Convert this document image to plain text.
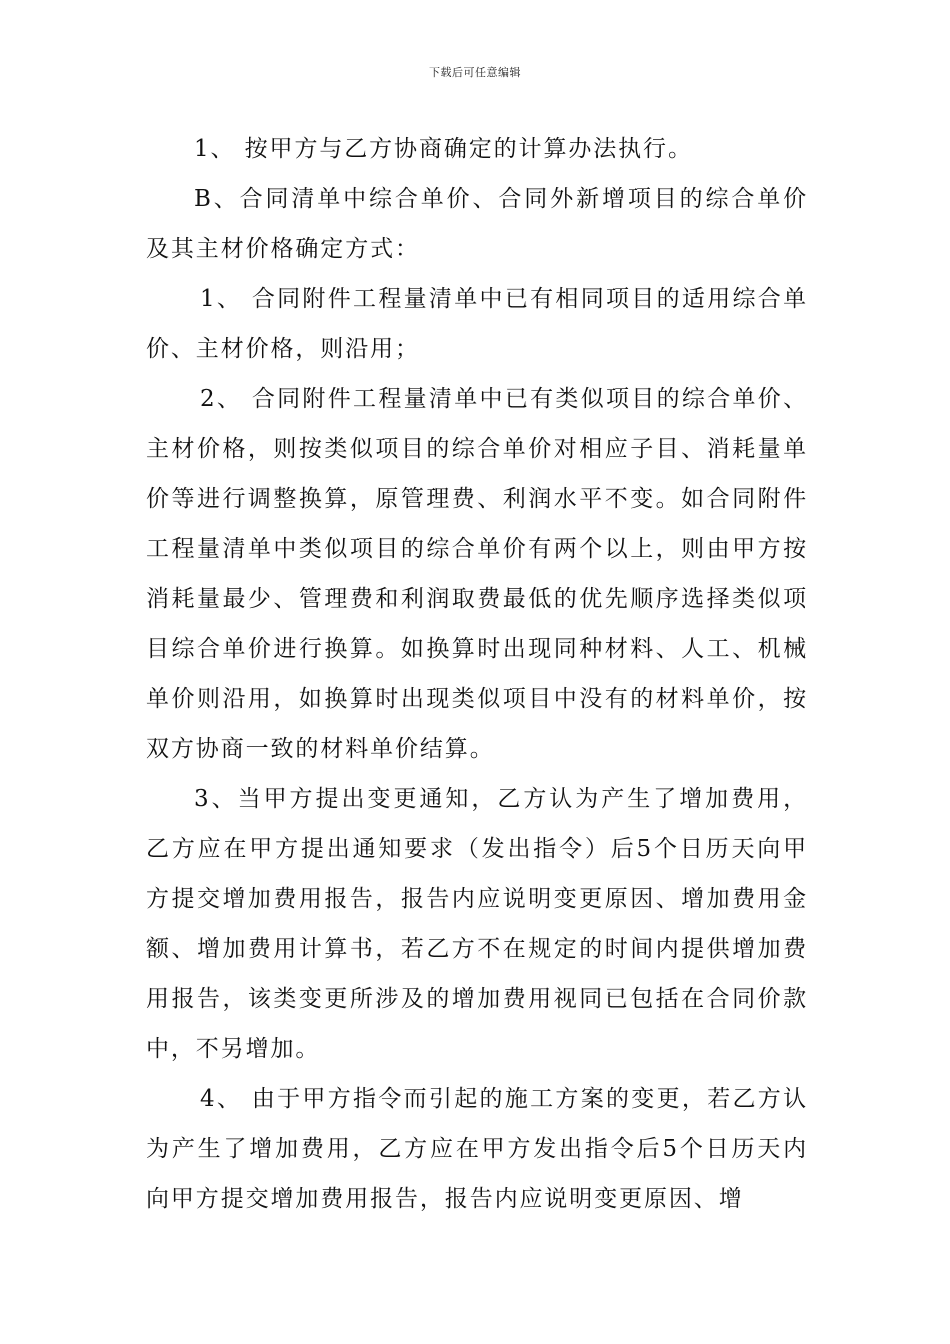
下载后可任意编辑

1、 按甲方与乙方协商确定的计算办法执行。

B、合同清单中综合单价、合同外新增项目的综合单价及其主材价格确定方式：

1、 合同附件工程量清单中已有相同项目的适用综合单价、主材价格，则沿用；

2、 合同附件工程量清单中已有类似项目的综合单价、主材价格，则按类似项目的综合单价对相应子目、消耗量单价等进行调整换算，原管理费、利润水平不变。如合同附件工程量清单中类似项目的综合单价有两个以上，则由甲方按消耗量最少、管理费和利润取费最低的优先顺序选择类似项目综合单价进行换算。如换算时出现同种材料、人工、机械单价则沿用，如换算时出现类似项目中没有的材料单价，按双方协商一致的材料单价结算。

3、当甲方提出变更通知，乙方认为产生了增加费用，乙方应在甲方提出通知要求（发出指令）后5个日历天向甲方提交增加费用报告，报告内应说明变更原因、增加费用金额、增加费用计算书，若乙方不在规定的时间内提供增加费用报告，该类变更所涉及的增加费用视同已包括在合同价款中，不另增加。

4、 由于甲方指令而引起的施工方案的变更，若乙方认为产生了增加费用，乙方应在甲方发出指令后5个日历天内向甲方提交增加费用报告，报告内应说明变更原因、增
